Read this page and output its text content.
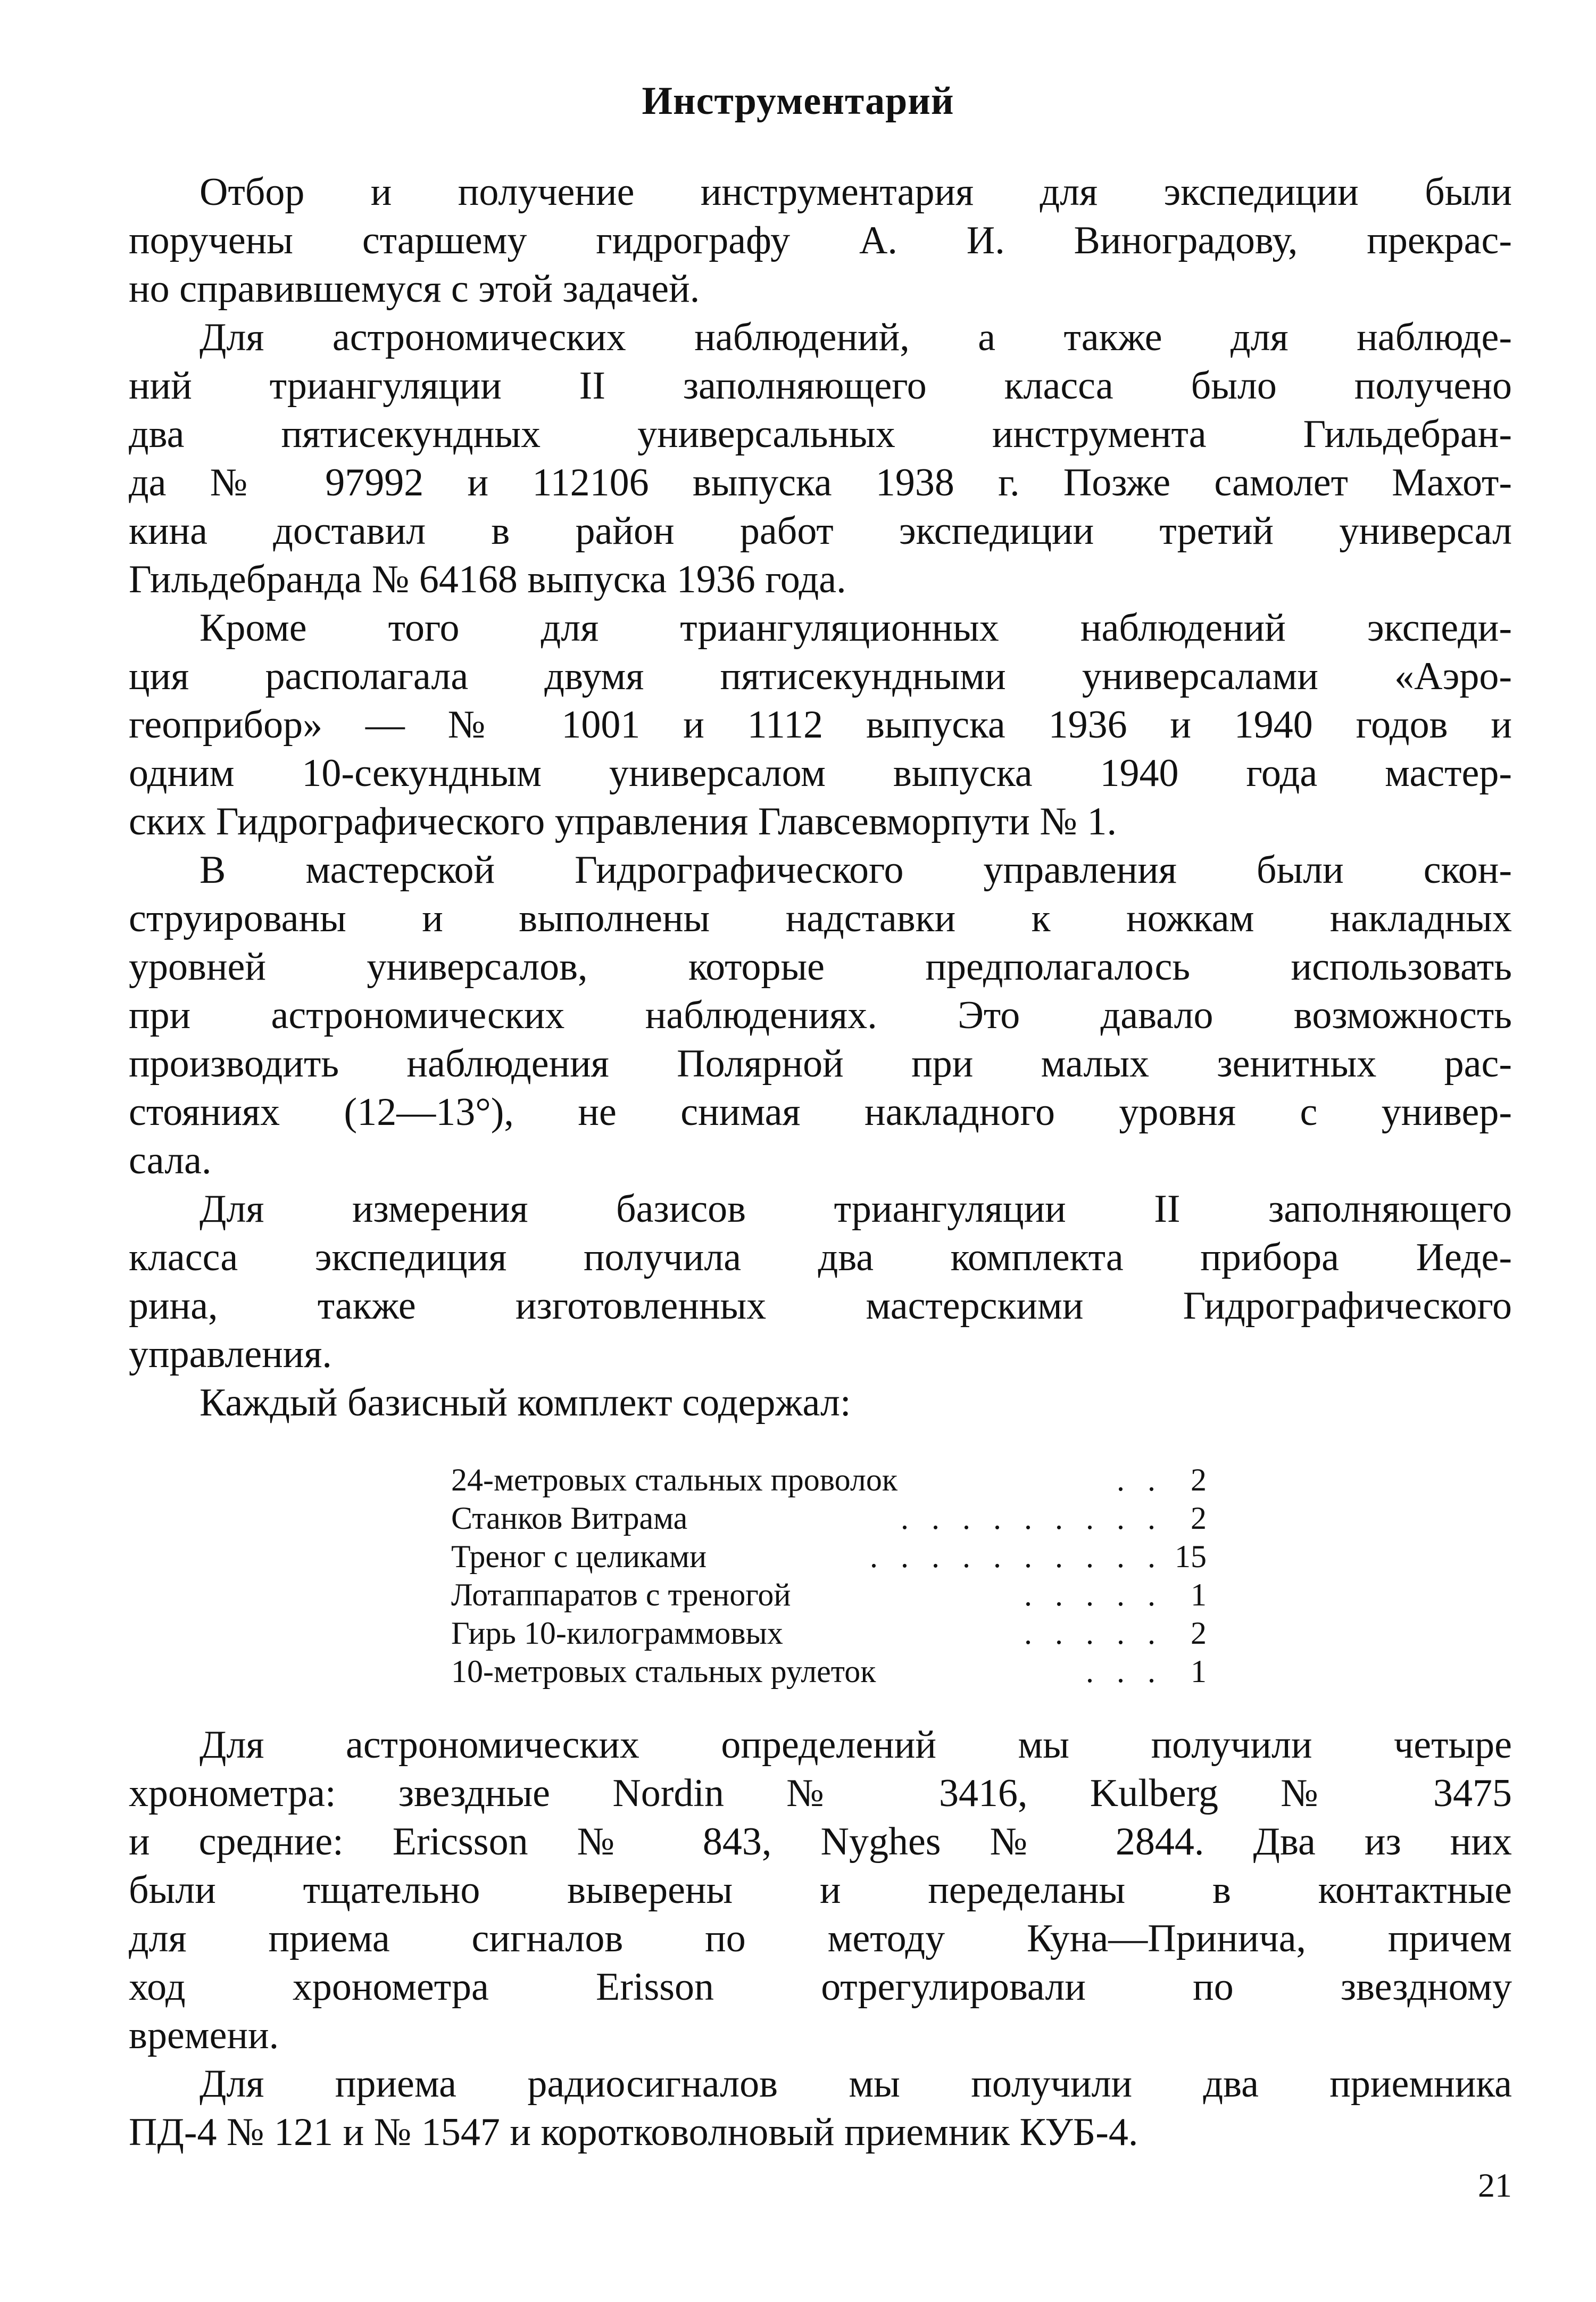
Инструментарий
Отбор и получение инструментария для экспедиции были
поручены старшему гидрографу А. И. Виноградову, прекрас-
но справившемуся с этой задачей.
Для астрономических наблюдений, а также для наблюде-
ний триангуляции II заполняющего класса было получено
два пятисекундных универсальных инструмента Гильдебран-
да № 97992 и 112106 выпуска 1938 г. Позже самолет Махот-
кина доставил в район работ экспедиции третий универсал
Гильдебранда № 64168 выпуска 1936 года.
Кроме того для триангуляционных наблюдений экспеди-
ция располагала двумя пятисекундными универсалами «Аэро-
геоприбор» — № 1001 и 1112 выпуска 1936 и 1940 годов и
одним 10-секундным универсалом выпуска 1940 года мастер-
ских Гидрографического управления Главсевморпути № 1.
В мастерской Гидрографического управления были скон-
струированы и выполнены надставки к ножкам накладных
уровней универсалов, которые предполагалось использовать
при астрономических наблюдениях. Это давало возможность
производить наблюдения Полярной при малых зенитных рас-
стояниях (12—13°), не снимая накладного уровня с универ-
сала.
Для измерения базисов триангуляции II заполняющего
класса экспедиция получила два комплекта прибора Иеде-
рина, также изготовленных мастерскими Гидрографического
управления.
Каждый базисный комплект содержал:
24-метровых стальных проволок	. . 2
Станков Витрама	. . . . . . . . . 2
Треног с целиками	. . . . . . . . . . 15
Лотаппаратов с треногой	. . . . . 1
Гирь 10-килограммовых	. . . . . 2
10-метровых стальных рулеток	. . . 1
Для астрономических определений мы получили четыре
хронометра: звездные Nordin № 3416, Kulberg № 3475
и средние: Ericsson № 843, Nyghes № 2844. Два из них
были тщательно выверены и переделаны в контактные
для приема сигналов по методу Куна—Принича, причем
ход хронометра Erisson отрегулировали по звездному
времени.
Для приема радиосигналов мы получили два приемника
ПД-4 № 121 и № 1547 и коротковолновый приемник КУБ-4.
21
